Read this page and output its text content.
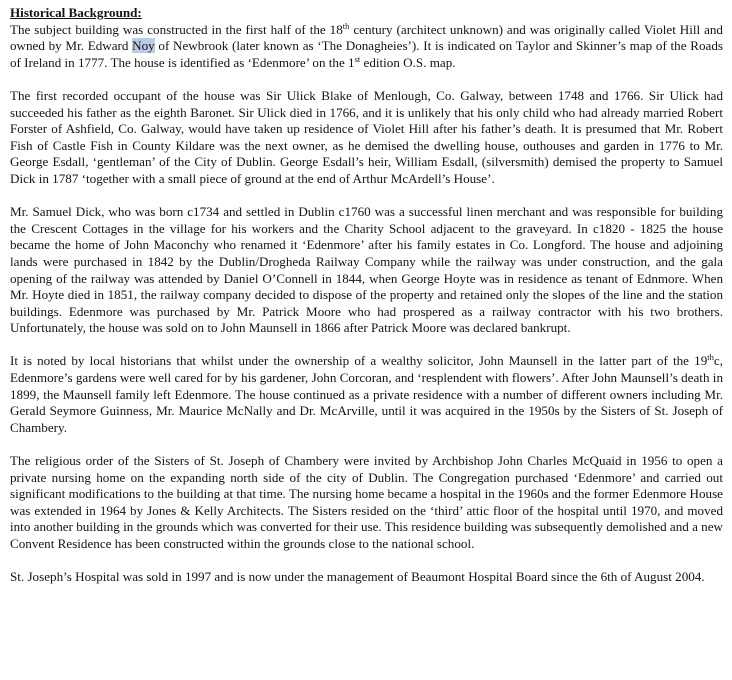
Historical Background:

The subject building was constructed in the first half of the 18th century (architect unknown) and was originally called Violet Hill and owned by Mr. Edward Noy of Newbrook (later known as ‘The Donagheies’). It is indicated on Taylor and Skinner’s map of the Roads of Ireland in 1777. The house is identified as ‘Edenmore’ on the 1st edition O.S. map.

The first recorded occupant of the house was Sir Ulick Blake of Menlough, Co. Galway, between 1748 and 1766. Sir Ulick had succeeded his father as the eighth Baronet. Sir Ulick died in 1766, and it is unlikely that his only child who had already married Robert Forster of Ashfield, Co. Galway, would have taken up residence of Violet Hill after his father’s death. It is presumed that Mr. Robert Fish of Castle Fish in County Kildare was the next owner, as he demised the dwelling house, outhouses and garden in 1776 to Mr. George Esdall, ‘gentleman’ of the City of Dublin. George Esdall’s heir, William Esdall, (silversmith) demised the property to Samuel Dick in 1787 ‘together with a small piece of ground at the end of Arthur McArdell’s House’.

Mr. Samuel Dick, who was born c1734 and settled in Dublin c1760 was a successful linen merchant and was responsible for building the Crescent Cottages in the village for his workers and the Charity School adjacent to the graveyard. In c1820 - 1825 the house became the home of John Maconchy who renamed it ‘Edenmore’ after his family estates in Co. Longford. The house and adjoining lands were purchased in 1842 by the Dublin/Drogheda Railway Company while the railway was under construction, and the gala opening of the railway was attended by Daniel O’Connell in 1844, when George Hoyte was in residence as tenant of Ednmore. When Mr. Hoyte died in 1851, the railway company decided to dispose of the property and retained only the slopes of the line and the station buildings. Edenmore was purchased by Mr. Patrick Moore who had prospered as a railway contractor with his two brothers. Unfortunately, the house was sold on to John Maunsell in 1866 after Patrick Moore was declared bankrupt.

It is noted by local historians that whilst under the ownership of a wealthy solicitor, John Maunsell in the latter part of the 19thc, Edenmore’s gardens were well cared for by his gardener, John Corcoran, and ‘resplendent with flowers’. After John Maunsell’s death in 1899, the Maunsell family left Edenmore. The house continued as a private residence with a number of different owners including Mr. Gerald Seymore Guinness, Mr. Maurice McNally and Dr. McArville, until it was acquired in the 1950s by the Sisters of St. Joseph of Chambery.

The religious order of the Sisters of St. Joseph of Chambery were invited by Archbishop John Charles McQuaid in 1956 to open a private nursing home on the expanding north side of the city of Dublin. The Congregation purchased ‘Edenmore’ and carried out significant modifications to the building at that time. The nursing home became a hospital in the 1960s and the former Edenmore House was extended in 1964 by Jones & Kelly Architects. The Sisters resided on the ‘third’ attic floor of the hospital until 1970, and moved into another building in the grounds which was converted for their use. This residence building was subsequently demolished and a new Convent Residence has been constructed within the grounds close to the national school.

St. Joseph’s Hospital was sold in 1997 and is now under the management of Beaumont Hospital Board since the 6th of August 2004.
